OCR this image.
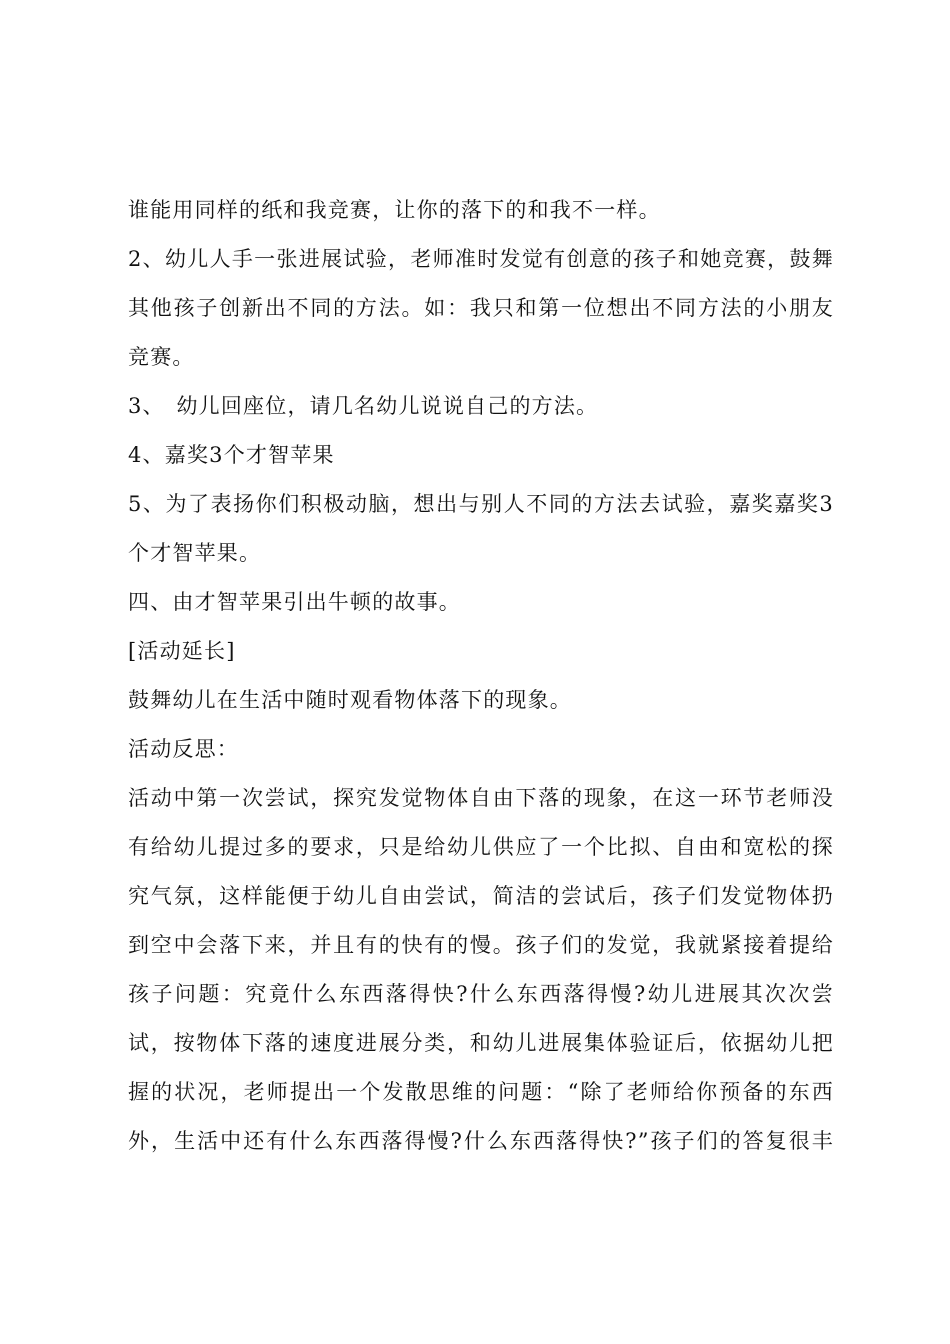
谁能用同样的纸和我竞赛，让你的落下的和我不一样。
2、幼儿人手一张进展试验，老师准时发觉有创意的孩子和她竞赛，鼓舞
其他孩子创新出不同的方法。如：我只和第一位想出不同方法的小朋友
竞赛。
3、　幼儿回座位，请几名幼儿说说自己的方法。
4、嘉奖3个才智苹果
5、为了表扬你们积极动脑，想出与别人不同的方法去试验，嘉奖嘉奖3
个才智苹果。
四、由才智苹果引出牛顿的故事。
[活动延长]
鼓舞幼儿在生活中随时观看物体落下的现象。
活动反思：
活动中第一次尝试，探究发觉物体自由下落的现象，在这一环节老师没
有给幼儿提过多的要求，只是给幼儿供应了一个比拟、自由和宽松的探
究气氛，这样能便于幼儿自由尝试，简洁的尝试后，孩子们发觉物体扔
到空中会落下来，并且有的快有的慢。孩子们的发觉，我就紧接着提给
孩子问题：究竟什么东西落得快?什么东西落得慢?幼儿进展其次次尝
试，按物体下落的速度进展分类，和幼儿进展集体验证后，依据幼儿把
握的状况，老师提出一个发散思维的问题：“除了老师给你预备的东西
外，生活中还有什么东西落得慢?什么东西落得快?”孩子们的答复很丰
